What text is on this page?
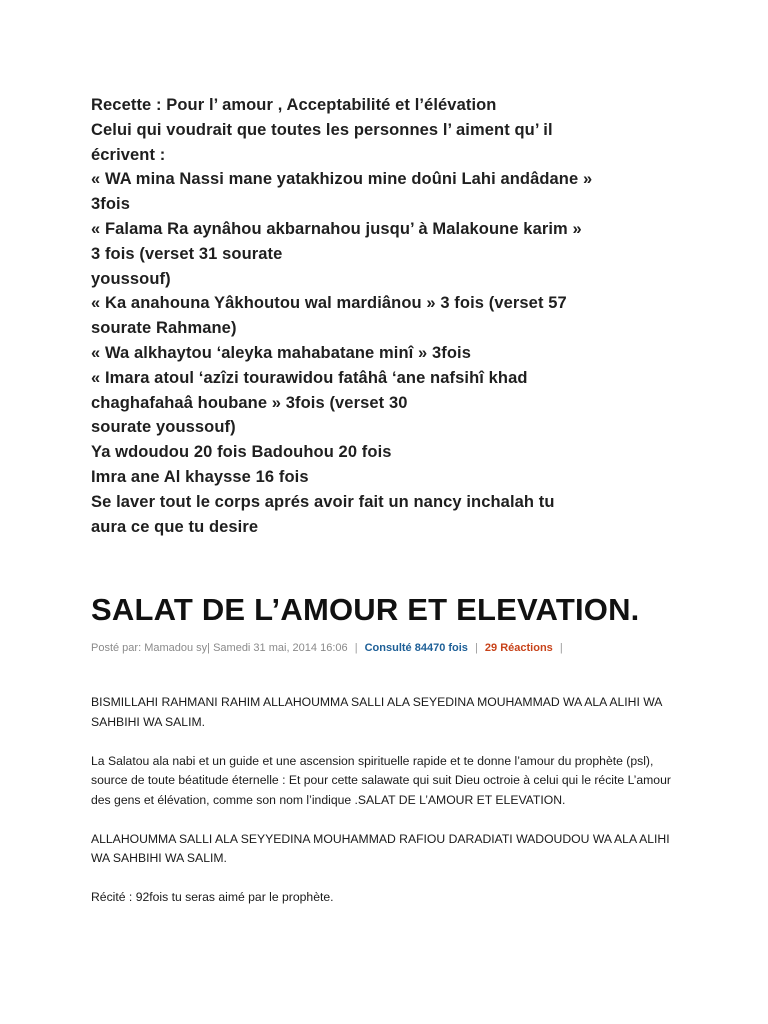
Recette : Pour l’ amour , Acceptabilité et l’élévation
Celui qui voudrait que toutes les personnes l’ aiment qu’ il
écrivent :
« WA mina Nassi mane yatakhizou mine doûni Lahi andâdane »
3fois
« Falama Ra aynâhou akbarnahou jusqu’ à Malakoune karim »
3 fois (verset 31 sourate
youssouf)
« Ka anahouna Yâkhoutou wal mardiânou » 3 fois (verset 57
sourate Rahmane)
« Wa alkhaytou ‘aleyka mahabatane minî » 3fois
« Imara atoul ‘azîzi tourawidou fatâhâ ‘ane nafsihî khad
chaghafahaâ houbane » 3fois (verset 30
sourate youssouf)
Ya wdoudou 20 fois Badouhou 20 fois
Imra ane Al khaysse 16 fois
Se laver tout le corps aprés avoir fait un nancy inchalah tu
aura ce que tu desire
SALAT DE L’AMOUR ET ELEVATION.
Posté par: Mamadou sy| Samedi 31 mai, 2014 16:06 | Consulté 84470 fois | 29 Réactions |

BISMILLAHI RAHMANI RAHIM ALLAHOUMMA SALLI ALA SEYEDINA MOUHAMMAD WA ALA ALIHI WA SAHBIHI WA SALIM.

La Salatou ala nabi et un guide et une ascension spirituelle rapide et te donne l’amour du prophète (psl), source de toute béatitude éternelle : Et pour cette salawate qui suit Dieu octroie à celui qui le récite L’amour des gens et élévation, comme son nom l’indique .SALAT DE L’AMOUR ET ELEVATION.

ALLAHOUMMA SALLI ALA SEYYEDINA MOUHAMMAD RAFIOU DARADIATI WADOUDOU WA ALA ALIHI WA SAHBIHI WA SALIM.

Récité : 92fois tu seras aimé par le prophète.
